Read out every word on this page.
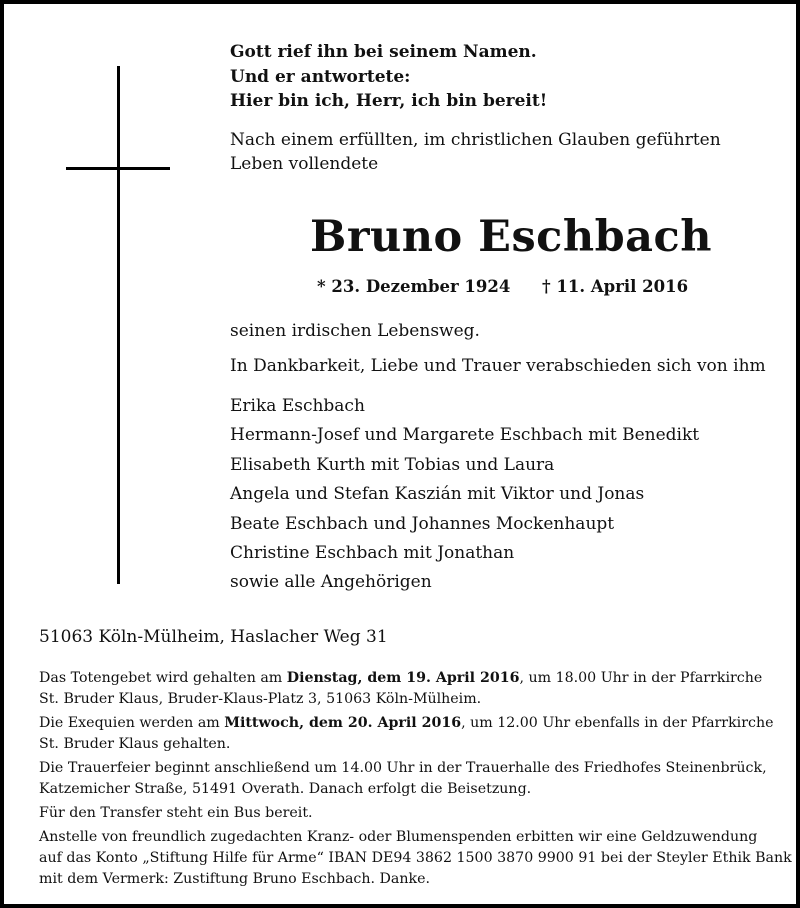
Gott rief ihn bei seinem Namen.
Und er antwortete:
Hier bin ich, Herr, ich bin bereit!
Nach einem erfüllten, im christlichen Glauben geführten
Leben vollendete
Bruno Eschbach
* 23. Dezember 1924 † 11. April 2016
seinen irdischen Lebensweg.
In Dankbarkeit, Liebe und Trauer verabschieden sich von ihm
Erika Eschbach
Hermann-Josef und Margarete Eschbach mit Benedikt
Elisabeth Kurth mit Tobias und Laura
Angela und Stefan Kaszián mit Viktor und Jonas
Beate Eschbach und Johannes Mockenhaupt
Christine Eschbach mit Jonathan
sowie alle Angehörigen
51063 Köln-Mülheim, Haslacher Weg 31
Das Totengebet wird gehalten am Dienstag, dem 19. April 2016, um 18.00 Uhr in der Pfarrkirche
St. Bruder Klaus, Bruder-Klaus-Platz 3, 51063 Köln-Mülheim.
Die Exequien werden am Mittwoch, dem 20. April 2016, um 12.00 Uhr ebenfalls in der Pfarrkirche
St. Bruder Klaus gehalten.
Die Trauerfeier beginnt anschließend um 14.00 Uhr in der Trauerhalle des Friedhofes Steinenbrück,
Katzemicher Straße, 51491 Overath. Danach erfolgt die Beisetzung.
Für den Transfer steht ein Bus bereit.
Anstelle von freundlich zugedachten Kranz- oder Blumenspenden erbitten wir eine Geldzuwendung
auf das Konto „Stiftung Hilfe für Arme“ IBAN DE94 3862 1500 3870 9900 91 bei der Steyler Ethik Bank
mit dem Vermerk: Zustiftung Bruno Eschbach. Danke.
